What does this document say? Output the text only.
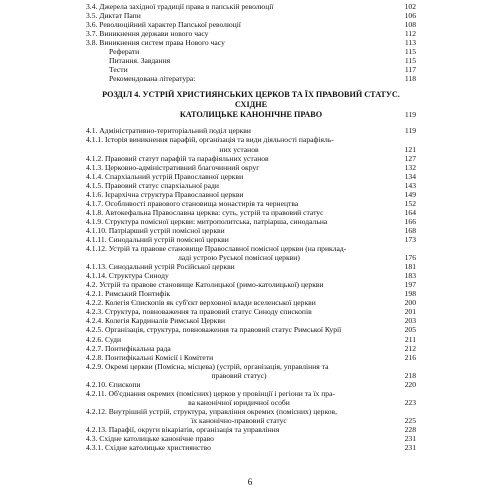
3.4. Джерела західної традиції права в папській революції	102
3.5. Диктат Папи	106
3.6. Революційний характер Папської революції	108
3.7. Виникнення держави нового часу	112
3.8. Виникнення систем права Нового часу	113
Реферати	115
Питання. Завдання	115
Тести	117
Рекомендована література:	118
РОЗДІЛ 4. УСТРІЙ ХРИСТИЯНСЬКИХ ЦЕРКОВ ТА ЇХ ПРАВОВИЙ СТАТУС. СХІДНЕ
КАТОЛИЦЬКЕ КАНОНІЧНЕ ПРАВО	119
4.1. Адміністративно-територіальний поділ церкви	119
4.1.1. Історія виникнення парафій, організація та види діяльності парафіяль-
них установ	121
4.1.2. Правовий статут парафій та парафіяльних установ	127
4.1.3. Церковно-адміністративний благочинний округ	132
4.1.4. Спархіальний устрій Православної церкви	134
4.1.5. Правовий статус спархіальної ради	143
4.1.6. Ієрархічна структура Православної церкви	149
4.1.7. Особливості правового становища монастирів та чернецтва	152
4.1.8. Автокефальна Православна церква: суть, устрій та правовий статус	164
4.1.9. Структура помісної церкви: митрополитська, патріарша, синодальна	166
4.1.10. Патріарший устрій помісної церкви	168
4.1.11. Синодальний устрій помісної церкви	173
4.1.12. Устрій та правове становище Православної помісної церкви (на приклад-
ладі устрою Руської помісної церкви)	176
4.1.13. Синодальний устрій Російської церкви	181
4.1.14. Структура Синоду	183
4.2. Устрій та правове становище Католицької (римо-католицької) церкви	197
4.2.1. Римський Понтифік	198
4.2.2. Колегія Єпископів як суб'єкт верховної влади вселенської церкви	200
4.2.3. Структура, повноваження та правовий статус Синоду єпископів	201
4.2.4. Колегія Кардиналів Римської Церкви	203
4.2.5. Організація, структура, повноваження та правовий статус Римської Курії	205
4.2.6. Суди	211
4.2.7. Понтифікальна рада	212
4.2.8. Понтифікальні Комісії і Комітети	216
4.2.9. Окремі церкви (Помісна, місцева) (устрій, організація, управління та
правовий статус)	218
4.2.10. Єпископи	220
4.2.11. Об'єднання окремих (помісних) церков у провінції і регіони та їх пра-
ва канонічної юридичної особи	223
4.2.12. Внутрішній устрій, структура, управління окремих (помісних) церков,
їх канонічно-правовий статус	225
4.2.13. Парафії, округи вікаріатів, організація та управління	228
4.3. Східне католицьке канонічне право	231
4.3.1. Східне католицьке християнство	231
6
